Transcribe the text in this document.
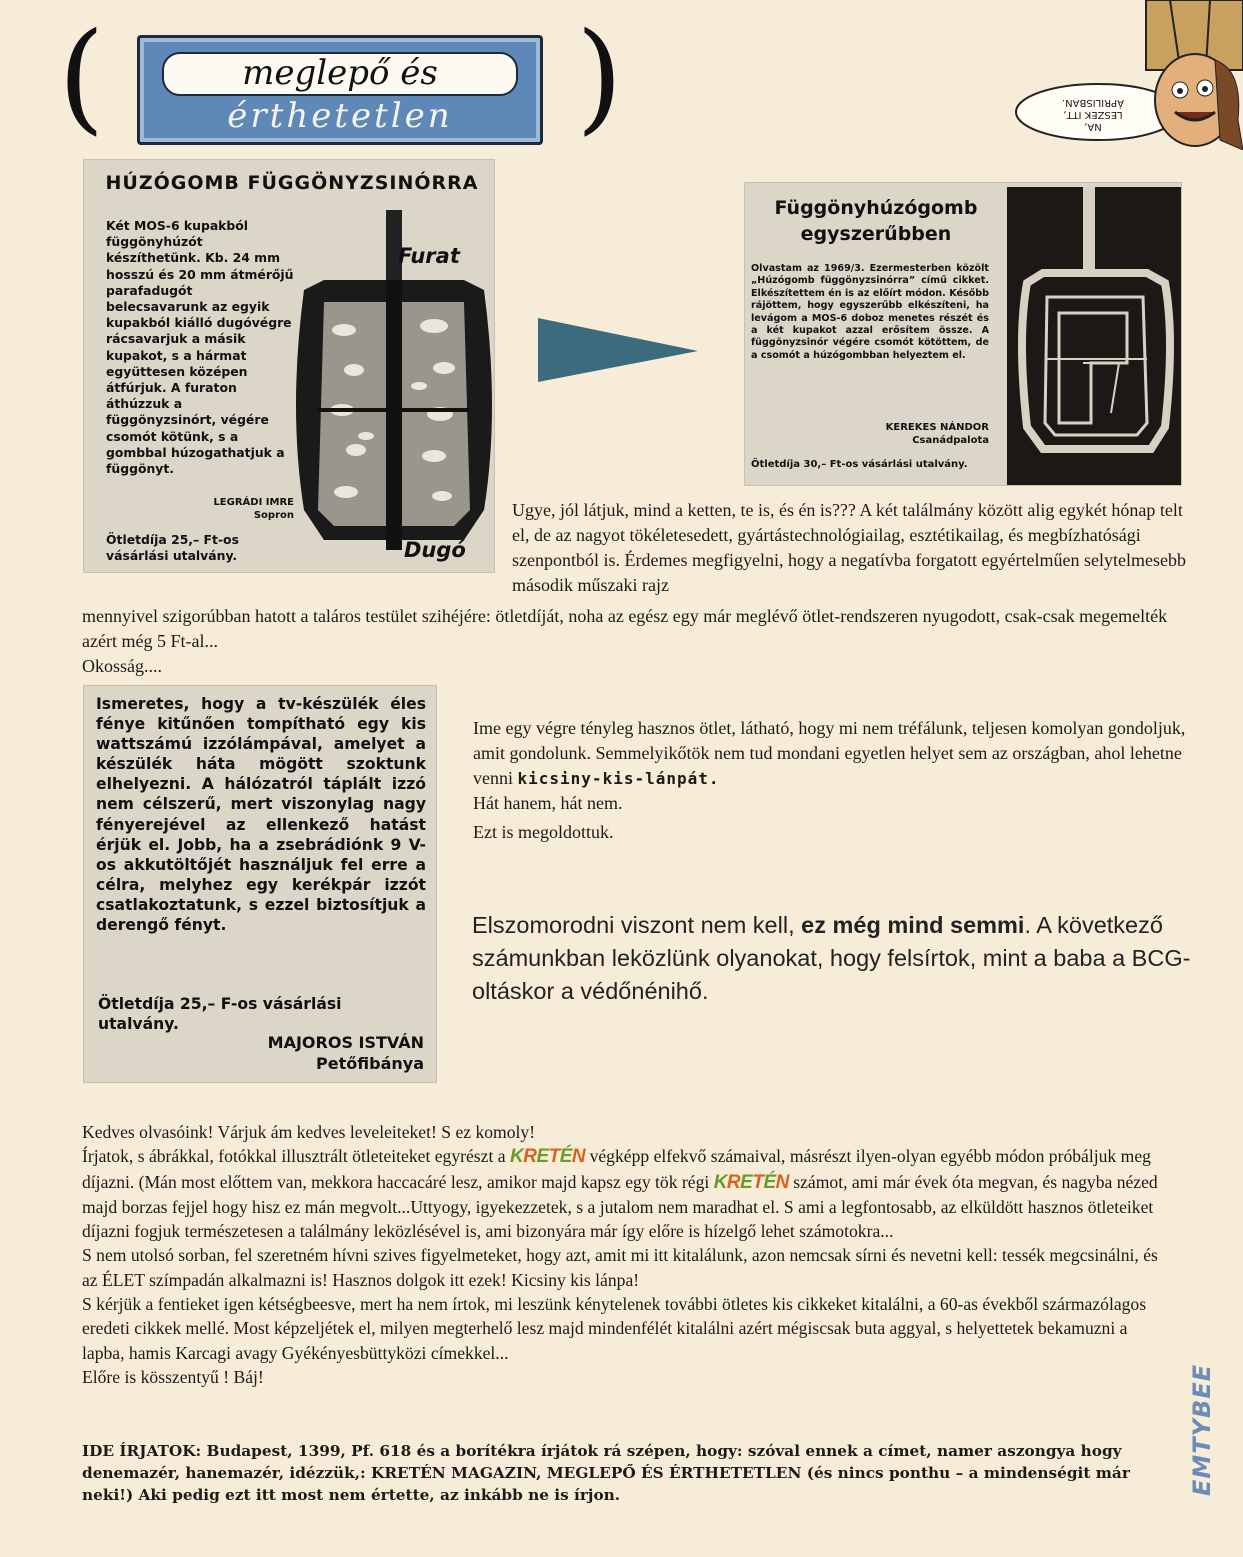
(	meglepő és
érthetetlen	)	NA,
LESZEK ITT,
ÁPRILISBAN.
HÚZÓGOMB FÜGGÖNYZSINÓRRA
Két MOS-6 kupakból függönyhúzót készíthetünk. Kb. 24 mm hosszú és 20 mm átmérőjű parafadugót belecsavarunk az egyik kupakból kiálló dugóvégre rácsavarjuk a másik kupakot, s a hármat együttesen középen átfúrjuk. A furaton áthúzzuk a függönyzsinórt, végére csomót kötünk, s a gombbal húzogathatjuk a függönyt.
LEGRÁDI IMRE
Sopron
Ötletdíja 25,– Ft-os vásárlási utalvány.
Furat
Dugó
Függönyhúzógomb egyszerűbben
Olvastam az 1969/3. Ezermesterben közölt „Húzógomb függönyzsinórra” című cikket. Elkészítettem én is az előírt módon. Később rájöttem, hogy egyszerűbb elkészíteni, ha levágom a MOS-6 doboz menetes részét és a két kupakot azzal erősítem össze. A függönyzsinór végére csomót kötöttem, de a csomót a húzógombban helyeztem el.
KEREKES NÁNDOR
Csanádpalota
Ötletdíja 30,– Ft-os vásárlási utalvány.
Ugye, jól látjuk, mind a ketten, te is, és én is??? A két találmány között alig egykét hónap telt el, de az nagyot tökéletesedett, gyártástechnológiailag, esztétikailag, és megbízhatósági szenpontból is. Érdemes megfigyelni, hogy a negatívba forgatott egyértelműen selytelmesebb második műszaki rajz
mennyivel szigorúbban hatott a taláros testület szihéjére: ötletdíját, noha az egész egy már meglévő ötlet-rendszeren nyugodott, csak-csak megemelték azért még 5 Ft-al...
Okosság....
Ismeretes, hogy a tv-készülék éles fénye kitűnően tompítható egy kis wattszámú izzólámpával, amelyet a készülék háta mögött szoktunk elhelyezni. A hálózatról táplált izzó nem célszerű, mert viszonylag nagy fényerejével az ellenkező hatást érjük el. Jobb, ha a zsebrádiónk 9 V-os akkutöltőjét használjuk fel erre a célra, melyhez egy kerékpár izzót csatlakoztatunk, s ezzel biztosítjuk a derengő fényt.
Ötletdíja 25,– F-os vásárlási utalvány.
MAJOROS ISTVÁN
Petőfibánya
Ime egy végre tényleg hasznos ötlet, látható, hogy mi nem tréfálunk, teljesen komolyan gondoljuk, amit gondolunk. Semmelyikőtök nem tud mondani egyetlen helyet sem az országban, ahol lehetne venni kicsiny-kis-lánpát.
Hát hanem, hát nem.
Ezt is megoldottuk.
Elszomorodni viszont nem kell, ez még mind semmi. A következő számunkban leközlünk olyanokat, hogy felsírtok, mint a baba a BCG-oltáskor a védőnénihő.
Kedves olvasóink! Várjuk ám kedves leveleiteket! S ez komoly!
Írjatok, s ábrákkal, fotókkal illusztrált ötleteiteket egyrészt a KRETÉN végképp elfekvő számaival, másrészt ilyen-olyan egyébb módon próbáljuk meg díjazni. (Mán most előttem van, mekkora haccacáré lesz, amikor majd kapsz egy tök régi KRETÉN számot, ami már évek óta megvan, és nagyba nézed majd borzas fejjel hogy hisz ez mán megvolt...Uttyogy, igyekezzetek, s a jutalom nem maradhat el. S ami a legfontosabb, az elküldött hasznos ötleteiket díjazni fogjuk természetesen a találmány leközlésével is, ami bizonyára már így előre is hízelgő lehet számotokra...
S nem utolsó sorban, fel szeretném hívni szives figyelmeteket, hogy azt, amit mi itt kitalálunk, azon nemcsak sírni és nevetni kell: tessék megcsinálni, és az ÉLET szímpadán alkalmazni is! Hasznos dolgok itt ezek! Kicsiny kis lánpa!
S kérjük a fentieket igen kétségbeesve, mert ha nem írtok, mi leszünk kénytelenek további ötletes kis cikkeket kitalálni, a 60-as évekből származólagos eredeti cikkek mellé. Most képzeljétek el, milyen megterhelő lesz majd mindenfélét kitalálni azért mégiscsak buta aggyal, s helyettetek bekamuzni a lapba, hamis Karcagi avagy Gyékényesbüttyközi címekkel...
Előre is kösszentyű ! Báj!
IDE ÍRJATOK: Budapest, 1399, Pf. 618 és a borítékra írjátok rá szépen, hogy: szóval ennek a címet, namer aszongya hogy denemazér, hanemazér, idézzük,: KRETÉN MAGAZIN, MEGLEPŐ ÉS ÉRTHETETLEN (és nincs ponthu – a mindenségit már neki!) Aki pedig ezt itt most nem értette, az inkább ne is írjon.	EMTYBEE
